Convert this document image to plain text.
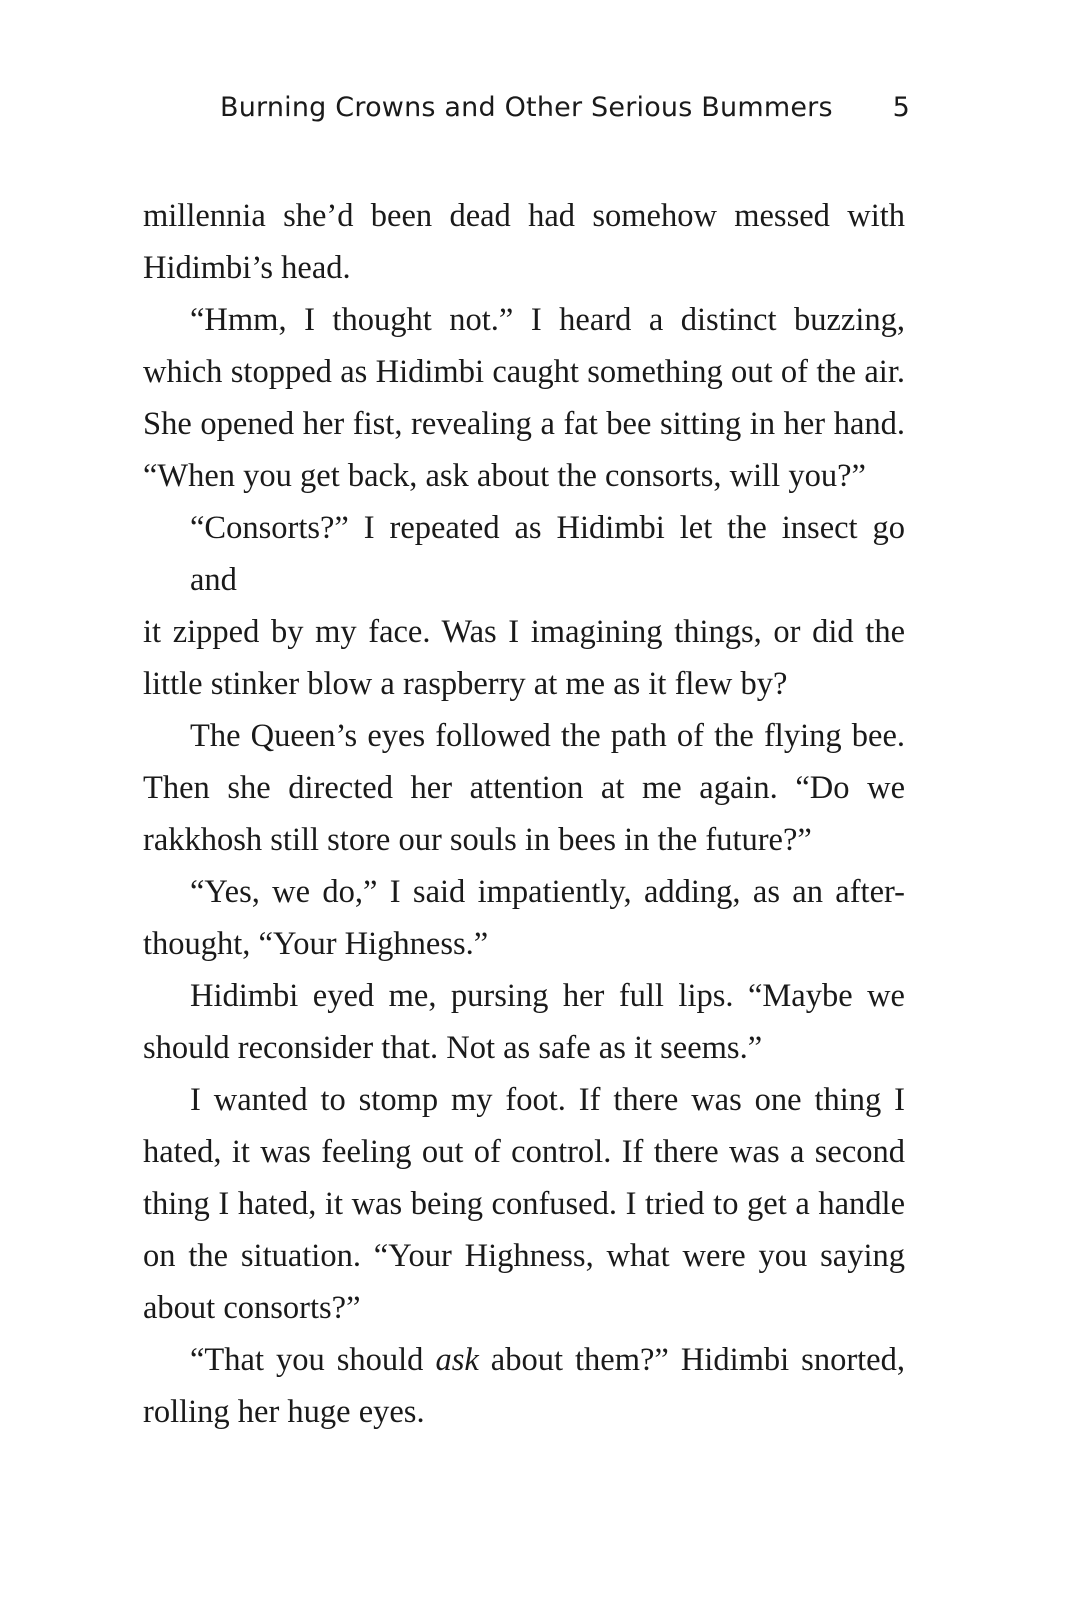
Burning Crowns and Other Serious Bummers 5
millennia she’d been dead had somehow messed with
Hidimbi’s head.
“Hmm, I thought not.” I heard a distinct buzzing,
which stopped as Hidimbi caught something out of the air.
She opened her fist, revealing a fat bee sitting in her hand.
“When you get back, ask about the consorts, will you?”
“Consorts?” I repeated as Hidimbi let the insect go and
it zipped by my face. Was I imagining things, or did the
little stinker blow a raspberry at me as it flew by?
The Queen’s eyes followed the path of the flying bee.
Then she directed her attention at me again. “Do we
rakkhosh still store our souls in bees in the future?”
“Yes, we do,” I said impatiently, adding, as an after-
thought, “Your Highness.”
Hidimbi eyed me, pursing her full lips. “Maybe we
should reconsider that. Not as safe as it seems.”
I wanted to stomp my foot. If there was one thing I
hated, it was feeling out of control. If there was a second
thing I hated, it was being confused. I tried to get a handle
on the situation. “Your Highness, what were you saying
about consorts?”
“That you should ask about them?” Hidimbi snorted,
rolling her huge eyes.
